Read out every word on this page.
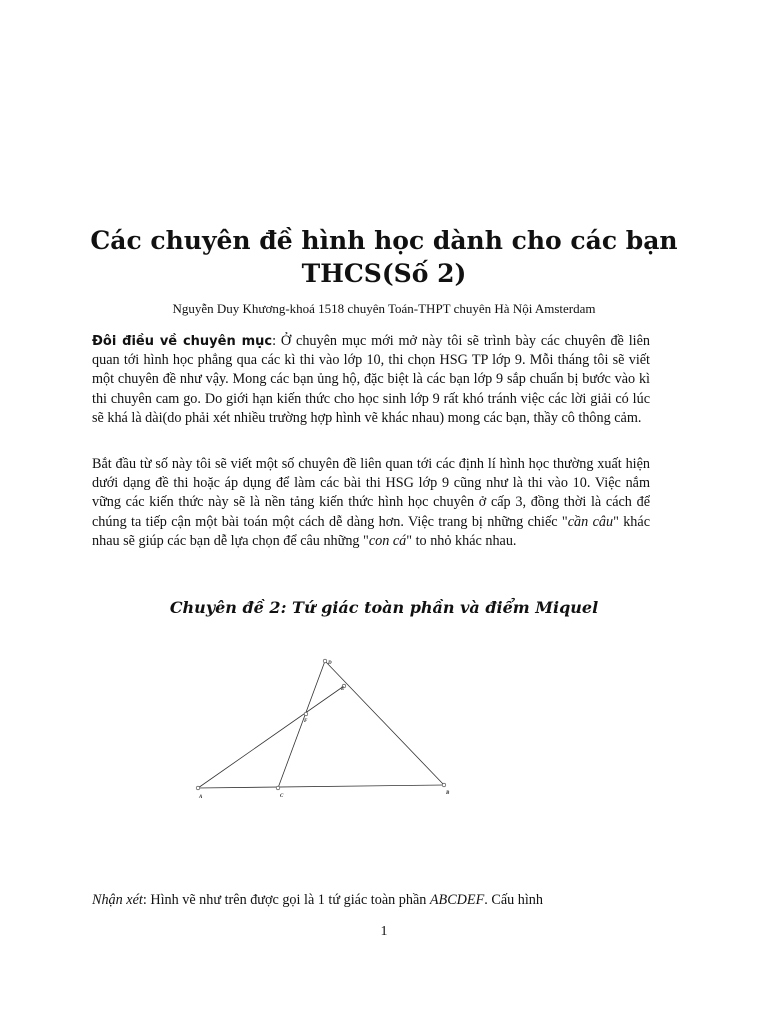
Các chuyên đề hình học dành cho các bạn
THCS(Số 2)
Nguyễn Duy Khương-khoá 1518 chuyên Toán-THPT chuyên Hà Nội Amsterdam

Đôi điều về chuyên mục: Ở chuyên mục mới mở này tôi sẽ trình bày các chuyên đề liên quan tới hình học phẳng qua các kì thi vào lớp 10, thi chọn HSG TP lớp 9. Mỗi tháng tôi sẽ viết một chuyên đề như vậy. Mong các bạn ủng hộ, đặc biệt là các bạn lớp 9 sắp chuẩn bị bước vào kì thi chuyên cam go. Do giới hạn kiến thức cho học sinh lớp 9 rất khó tránh việc các lời giải có lúc sẽ khá là dài(do phải xét nhiều trường hợp hình vẽ khác nhau) mong các bạn, thầy cô thông cảm.

Bắt đầu từ số này tôi sẽ viết một số chuyên đề liên quan tới các định lí hình học thường xuất hiện dưới dạng đề thi hoặc áp dụng để làm các bài thi HSG lớp 9 cũng như là thi vào 10. Việc nắm vững các kiến thức này sẽ là nền tảng kiến thức hình học chuyên ở cấp 3, đồng thời là cách để chúng ta tiếp cận một bài toán một cách dễ dàng hơn. Việc trang bị những chiếc "cần câu" khác nhau sẽ giúp các bạn dễ lựa chọn để câu những "con cá" to nhỏ khác nhau.

Chuyên đề 2: Tứ giác toàn phần và điểm Miquel
A
B
C
D
E
F
Nhận xét: Hình vẽ như trên được gọi là 1 tứ giác toàn phần ABCDEF. Cấu hình
1
